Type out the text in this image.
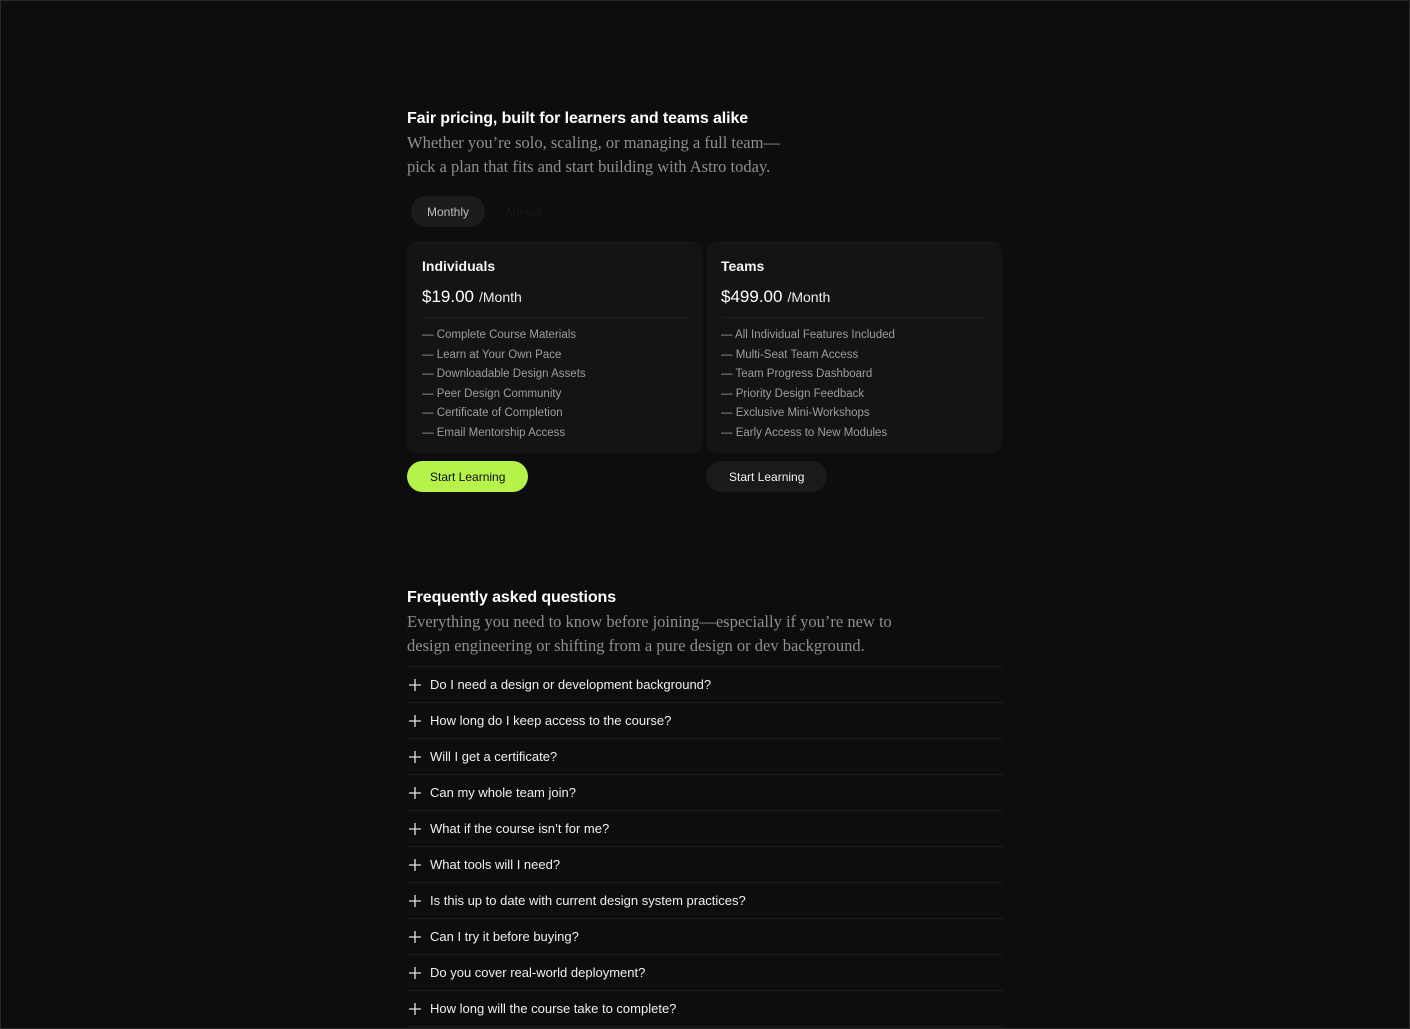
Fair pricing, built for learners and teams alike

Whether you’re solo, scaling, or managing a full team—
pick a plan that fits and start building with Astro today.

Monthly	Annual
Individuals
$19.00 /Month
— Complete Course Materials
— Learn at Your Own Pace
— Downloadable Design Assets
— Peer Design Community
— Certificate of Completion
— Email Mentorship Access
Start Learning
Teams
$499.00 /Month
— All Individual Features Included
— Multi-Seat Team Access
— Team Progress Dashboard
— Priority Design Feedback
— Exclusive Mini-Workshops
— Early Access to New Modules
Start Learning
Frequently asked questions

Everything you need to know before joining—especially if you’re new to
design engineering or shifting from a pure design or dev background.

Do I need a design or development background?
How long do I keep access to the course?
Will I get a certificate?
Can my whole team join?
What if the course isn’t for me?
What tools will I need?
Is this up to date with current design system practices?
Can I try it before buying?
Do you cover real-world deployment?
How long will the course take to complete?
